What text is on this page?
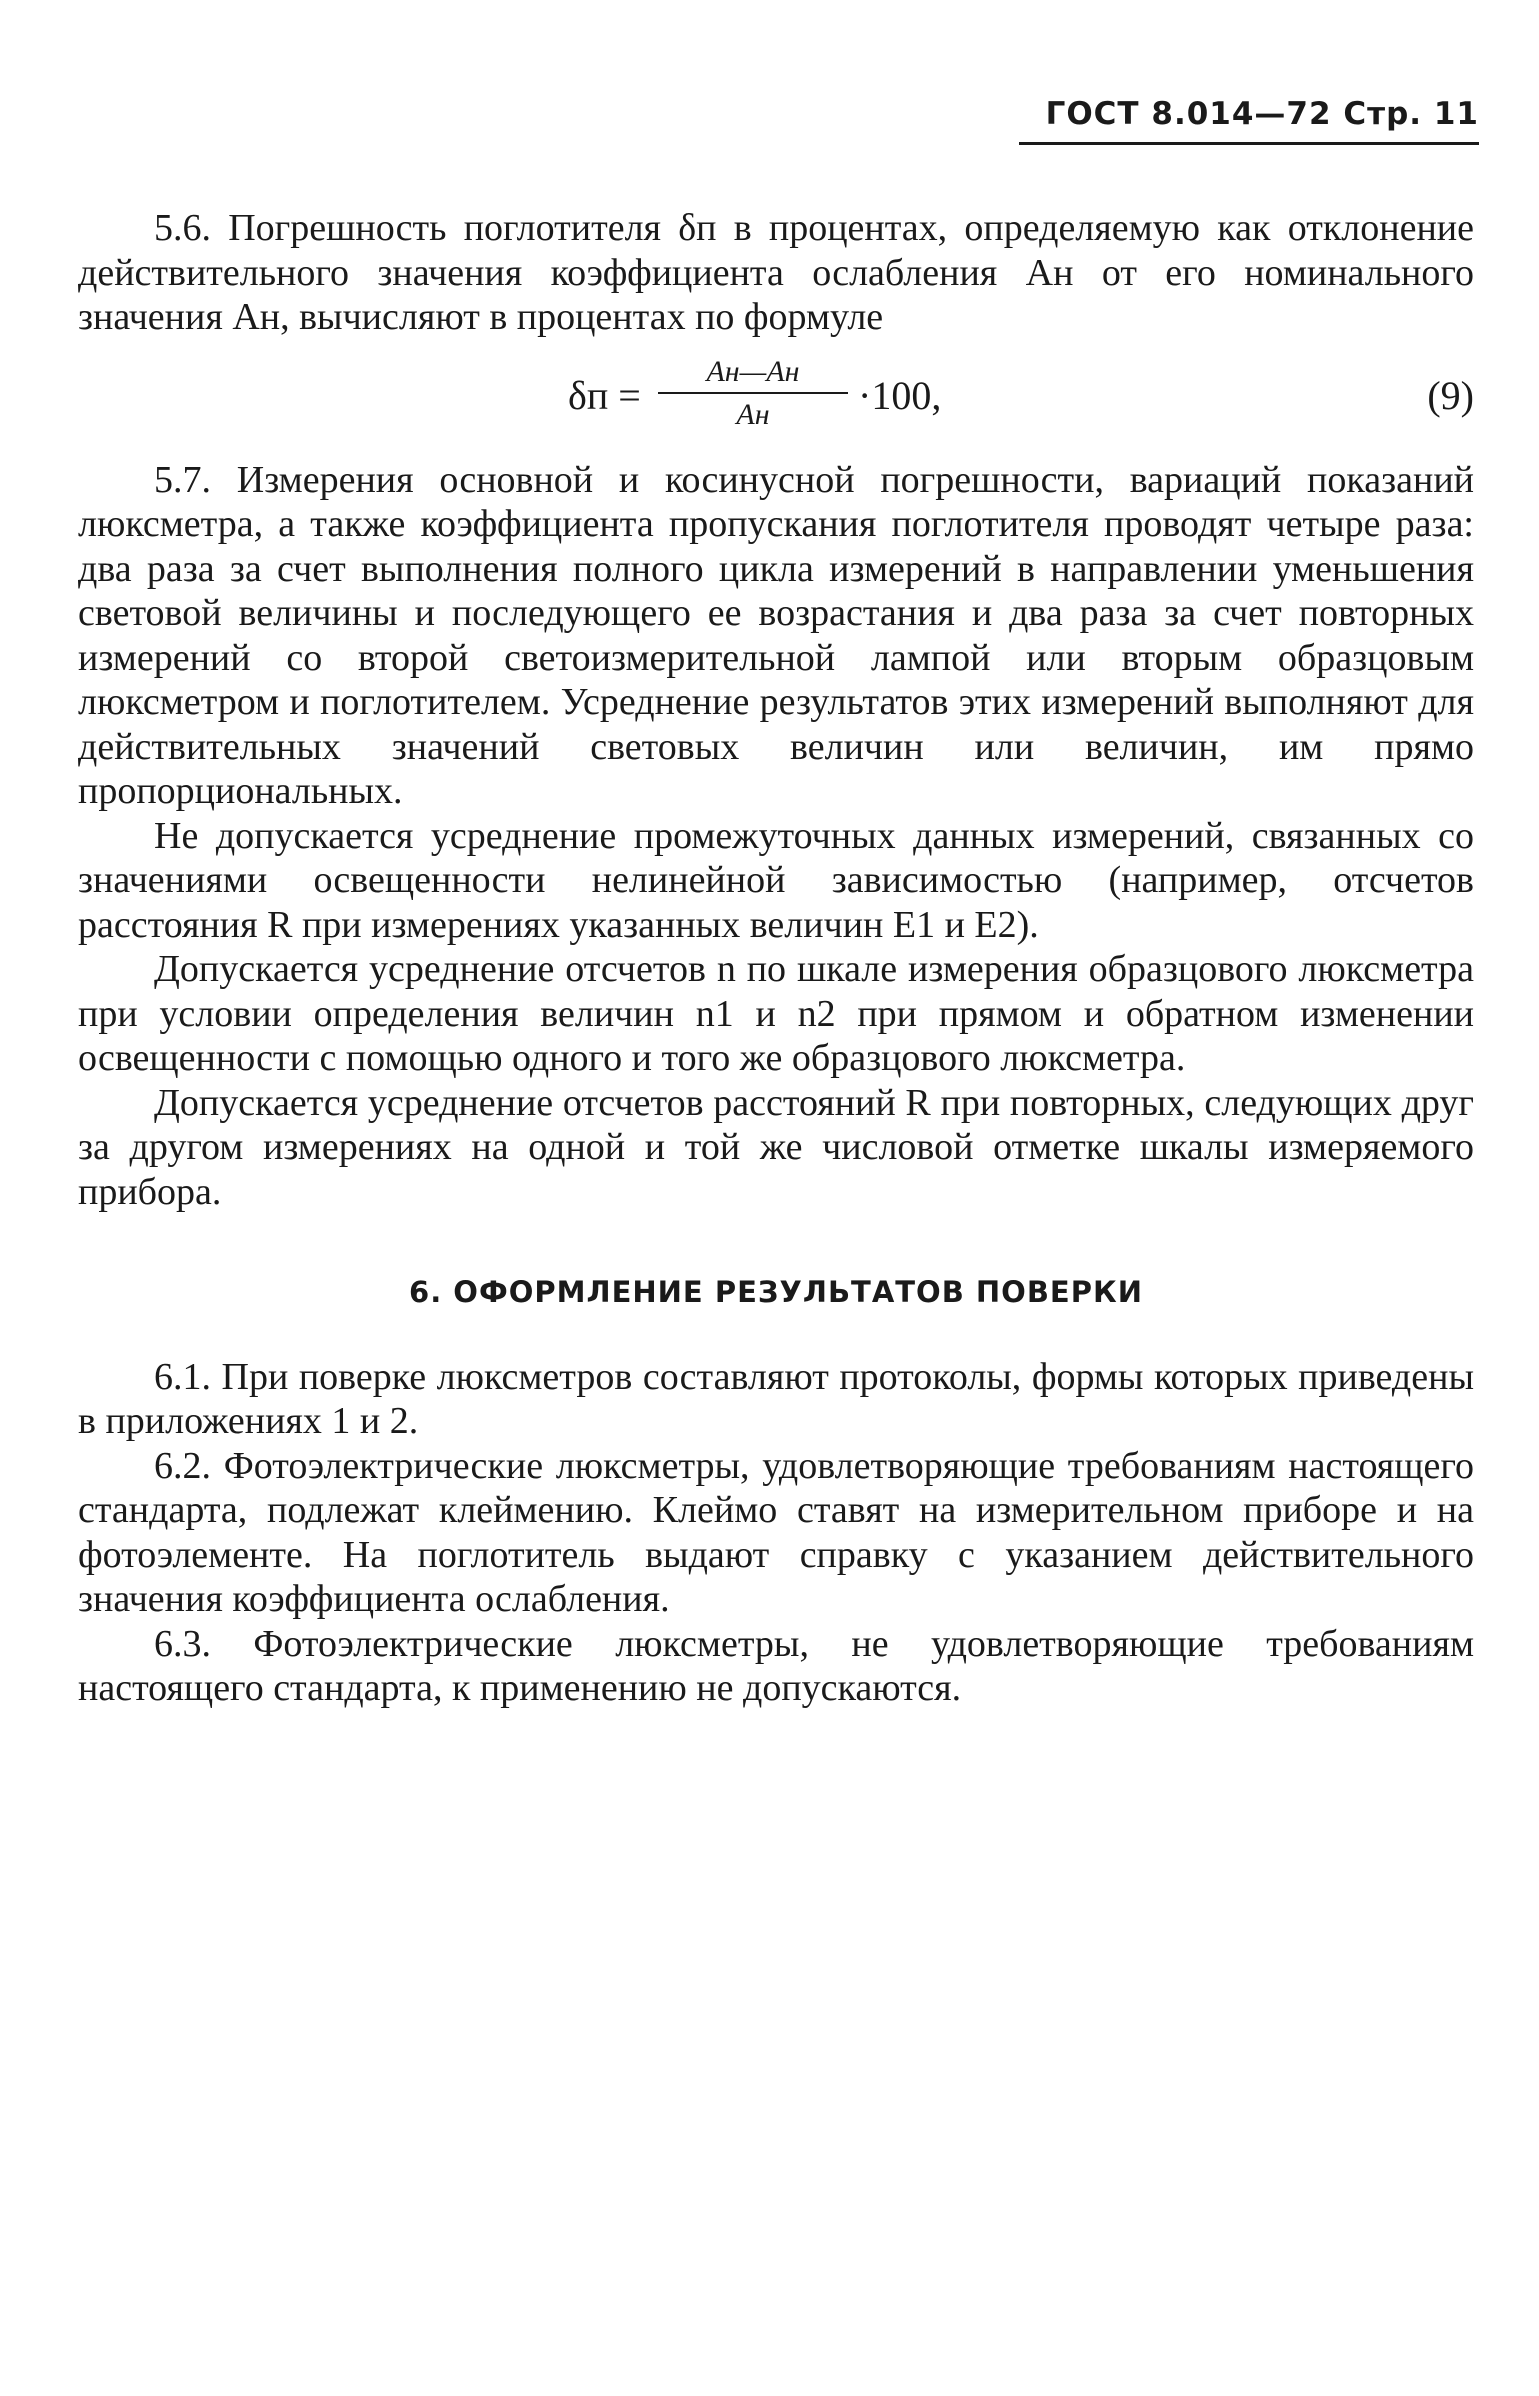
ГОСТ 8.014—72 Стр. 11

5.6. Погрешность поглотителя δп в процентах, определяемую как отклонение действительного значения коэффициента ослабления Ан от его номинального значения Ан, вычисляют в процентах по формуле

δп =
Ан—Ан
Ан	·100,	(9)

5.7. Измерения основной и косинусной погрешности, вариаций показаний люксметра, а также коэффициента пропускания поглотителя проводят четыре раза: два раза за счет выполнения полного цикла измерений в направлении уменьшения световой величины и последующего ее возрастания и два раза за счет повторных измерений со второй светоизмерительной лампой или вторым образцовым люксметром и поглотителем. Усреднение результатов этих измерений выполняют для действительных значений световых величин или величин, им прямо пропорциональных.

Не допускается усреднение промежуточных данных измерений, связанных со значениями освещенности нелинейной зависимостью (например, отсчетов расстояния R при измерениях указанных величин E1 и E2).

Допускается усреднение отсчетов n по шкале измерения образцового люксметра при условии определения величин n1 и n2 при прямом и обратном изменении освещенности с помощью одного и того же образцового люксметра.

Допускается усреднение отсчетов расстояний R при повторных, следующих друг за другом измерениях на одной и той же числовой отметке шкалы измеряемого прибора.

6. ОФОРМЛЕНИЕ РЕЗУЛЬТАТОВ ПОВЕРКИ

6.1. При поверке люксметров составляют протоколы, формы которых приведены в приложениях 1 и 2.

6.2. Фотоэлектрические люксметры, удовлетворяющие требованиям настоящего стандарта, подлежат клеймению. Клеймо ставят на измерительном приборе и на фотоэлементе. На поглотитель выдают справку с указанием действительного значения коэффициента ослабления.

6.3. Фотоэлектрические люксметры, не удовлетворяющие требованиям настоящего стандарта, к применению не допускаются.
